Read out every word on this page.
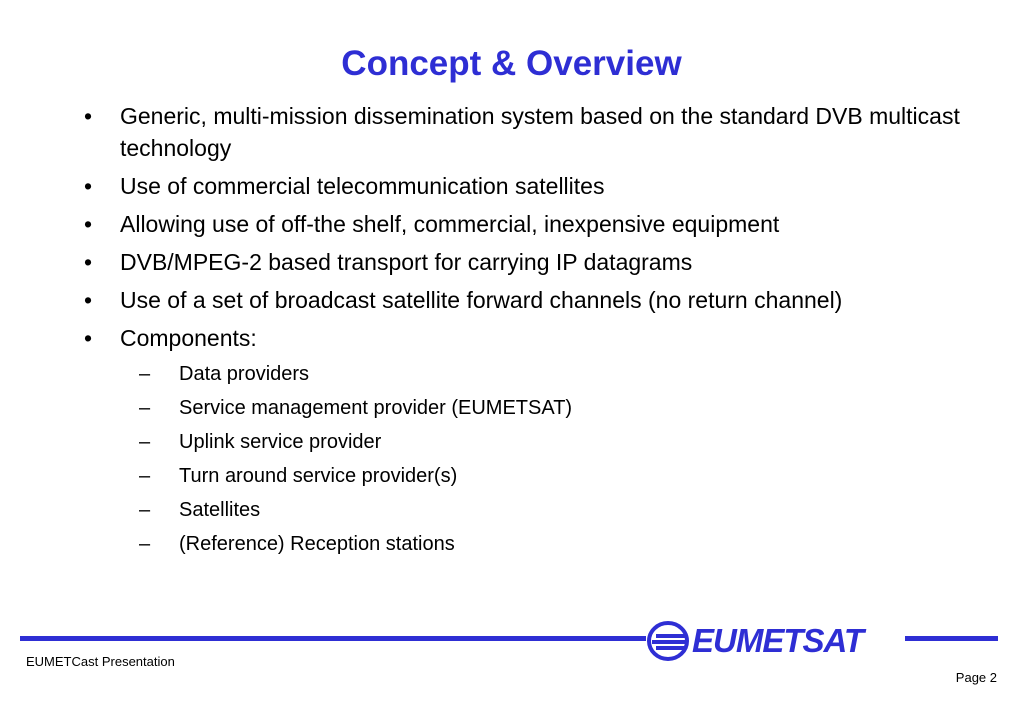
Concept & Overview
• Generic, multi-mission dissemination system based on the standard DVB multicast technology
• Use of commercial telecommunication satellites
• Allowing use of off-the shelf, commercial, inexpensive equipment
• DVB/MPEG-2 based transport for carrying IP datagrams
• Use of a set of broadcast satellite forward channels (no return channel)
• Components:
– Data providers
– Service management provider (EUMETSAT)
– Uplink service provider
– Turn around service provider(s)
– Satellites
– (Reference) Reception stations
EUMETSAT
EUMETCast Presentation
Page 2
